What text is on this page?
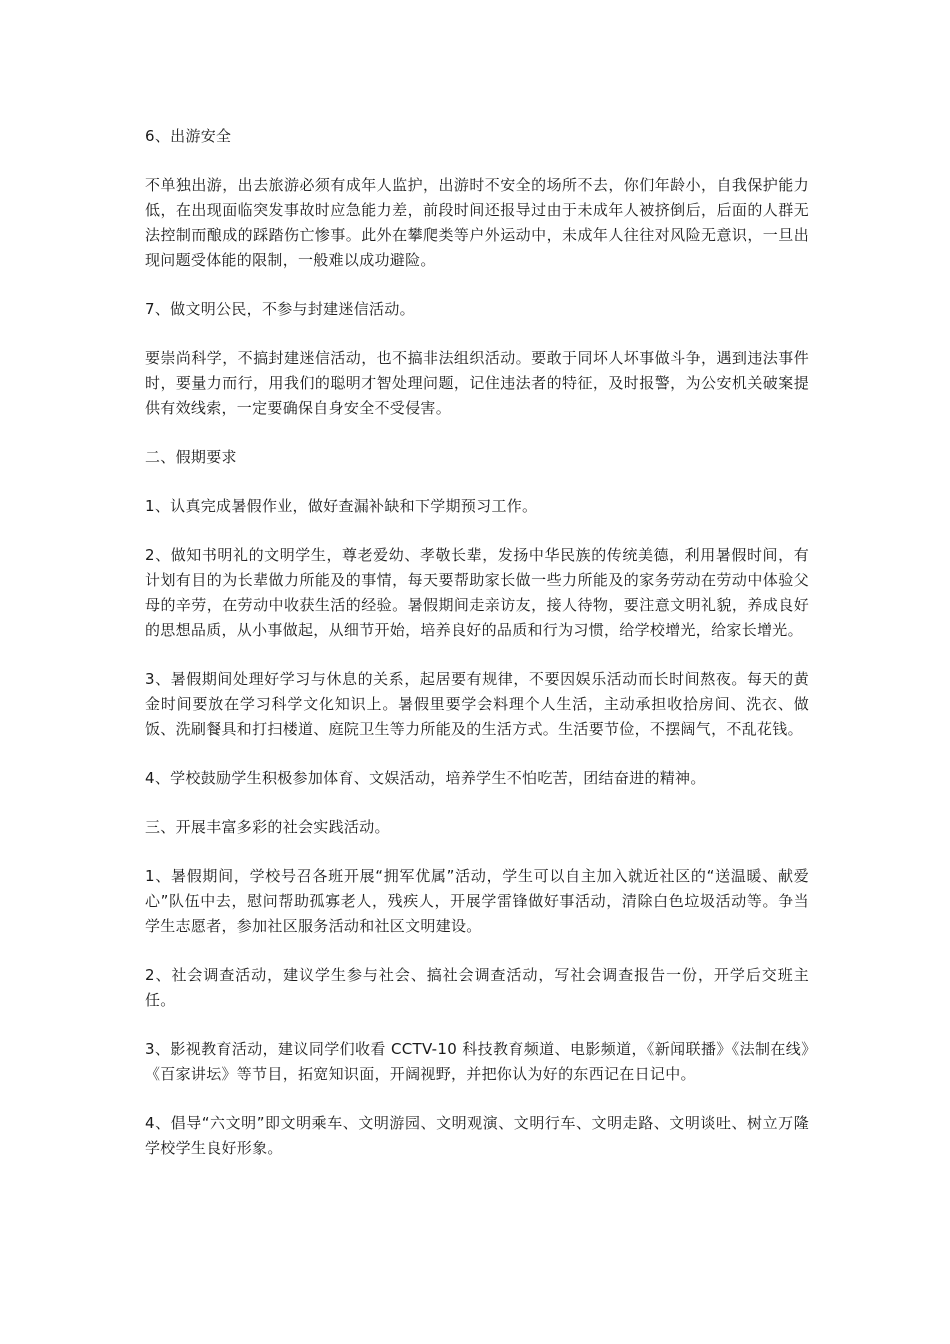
6、出游安全

不单独出游，出去旅游必须有成年人监护，出游时不安全的场所不去，你们年龄小，自我保护能力低，在出现面临突发事故时应急能力差，前段时间还报导过由于未成年人被挤倒后，后面的人群无法控制而酿成的踩踏伤亡惨事。此外在攀爬类等户外运动中，未成年人往往对风险无意识，一旦出现问题受体能的限制，一般难以成功避险。

7、做文明公民，不参与封建迷信活动。

要崇尚科学，不搞封建迷信活动，也不搞非法组织活动。要敢于同坏人坏事做斗争，遇到违法事件时，要量力而行，用我们的聪明才智处理问题，记住违法者的特征，及时报警，为公安机关破案提供有效线索，一定要确保自身安全不受侵害。

二、假期要求

1、认真完成暑假作业，做好查漏补缺和下学期预习工作。

2、做知书明礼的文明学生，尊老爱幼、孝敬长辈，发扬中华民族的传统美德，利用暑假时间，有计划有目的为长辈做力所能及的事情，每天要帮助家长做一些力所能及的家务劳动在劳动中体验父母的辛劳，在劳动中收获生活的经验。暑假期间走亲访友，接人待物，要注意文明礼貌，养成良好的思想品质，从小事做起，从细节开始，培养良好的品质和行为习惯，给学校增光，给家长增光。

3、暑假期间处理好学习与休息的关系，起居要有规律，不要因娱乐活动而长时间熬夜。每天的黄金时间要放在学习科学文化知识上。暑假里要学会料理个人生活，主动承担收拾房间、洗衣、做饭、洗刷餐具和打扫楼道、庭院卫生等力所能及的生活方式。生活要节俭，不摆阔气，不乱花钱。

4、学校鼓励学生积极参加体育、文娱活动，培养学生不怕吃苦，团结奋进的精神。

三、开展丰富多彩的社会实践活动。

1、暑假期间，学校号召各班开展“拥军优属”活动，学生可以自主加入就近社区的“送温暖、献爱心”队伍中去，慰问帮助孤寡老人，残疾人，开展学雷锋做好事活动，清除白色垃圾活动等。争当学生志愿者，参加社区服务活动和社区文明建设。

2、社会调查活动，建议学生参与社会、搞社会调查活动，写社会调查报告一份，开学后交班主任。

3、影视教育活动，建议同学们收看 CCTV-10 科技教育频道、电影频道，《新闻联播》《法制在线》《百家讲坛》等节目，拓宽知识面，开阔视野，并把你认为好的东西记在日记中。

4、倡导“六文明”即文明乘车、文明游园、文明观演、文明行车、文明走路、文明谈吐、树立万隆学校学生良好形象。
